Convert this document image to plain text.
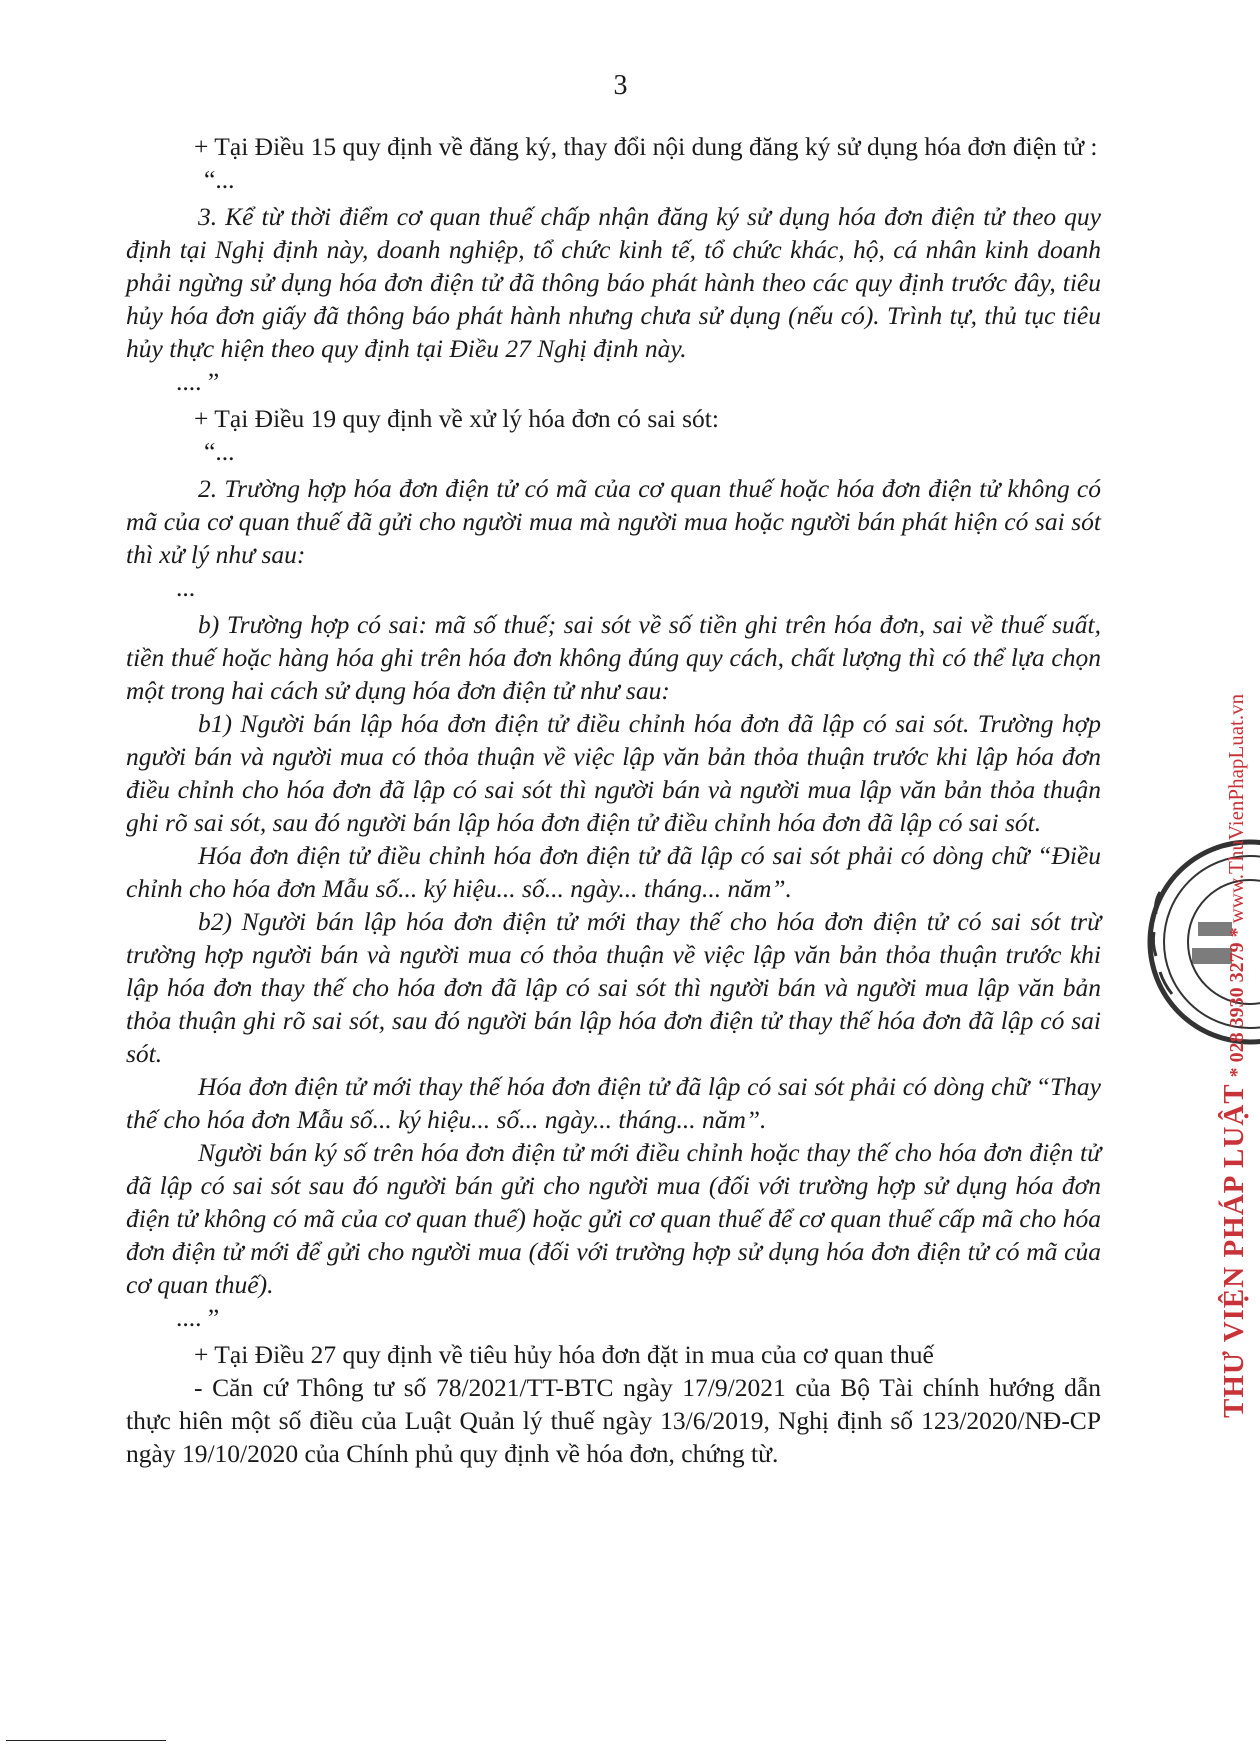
3

+ Tại Điều 15 quy định về đăng ký, thay đổi nội dung đăng ký sử dụng hóa đơn điện tử :

“...

3. Kể từ thời điểm cơ quan thuế chấp nhận đăng ký sử dụng hóa đơn điện tử theo quy định tại Nghị định này, doanh nghiệp, tổ chức kinh tế, tổ chức khác, hộ, cá nhân kinh doanh phải ngừng sử dụng hóa đơn điện tử đã thông báo phát hành theo các quy định trước đây, tiêu hủy hóa đơn giấy đã thông báo phát hành nhưng chưa sử dụng (nếu có). Trình tự, thủ tục tiêu hủy thực hiện theo quy định tại Điều 27 Nghị định này.

.... ”

+ Tại Điều 19 quy định về xử lý hóa đơn có sai sót:

“...

2. Trường hợp hóa đơn điện tử có mã của cơ quan thuế hoặc hóa đơn điện tử không có mã của cơ quan thuế đã gửi cho người mua mà người mua hoặc người bán phát hiện có sai sót thì xử lý như sau:

...

b) Trường hợp có sai: mã số thuế; sai sót về số tiền ghi trên hóa đơn, sai về thuế suất, tiền thuế hoặc hàng hóa ghi trên hóa đơn không đúng quy cách, chất lượng thì có thể lựa chọn một trong hai cách sử dụng hóa đơn điện tử như sau:

b1) Người bán lập hóa đơn điện tử điều chỉnh hóa đơn đã lập có sai sót. Trường hợp người bán và người mua có thỏa thuận về việc lập văn bản thỏa thuận trước khi lập hóa đơn điều chỉnh cho hóa đơn đã lập có sai sót thì người bán và người mua lập văn bản thỏa thuận ghi rõ sai sót, sau đó người bán lập hóa đơn điện tử điều chỉnh hóa đơn đã lập có sai sót.

Hóa đơn điện tử điều chỉnh hóa đơn điện tử đã lập có sai sót phải có dòng chữ “Điều chỉnh cho hóa đơn Mẫu số... ký hiệu... số... ngày... tháng... năm”.

b2) Người bán lập hóa đơn điện tử mới thay thế cho hóa đơn điện tử có sai sót trừ trường hợp người bán và người mua có thỏa thuận về việc lập văn bản thỏa thuận trước khi lập hóa đơn thay thế cho hóa đơn đã lập có sai sót thì người bán và người mua lập văn bản thỏa thuận ghi rõ sai sót, sau đó người bán lập hóa đơn điện tử thay thế hóa đơn đã lập có sai sót.

Hóa đơn điện tử mới thay thế hóa đơn điện tử đã lập có sai sót phải có dòng chữ “Thay thế cho hóa đơn Mẫu số... ký hiệu... số... ngày... tháng... năm”.

Người bán ký số trên hóa đơn điện tử mới điều chỉnh hoặc thay thế cho hóa đơn điện tử đã lập có sai sót sau đó người bán gửi cho người mua (đối với trường hợp sử dụng hóa đơn điện tử không có mã của cơ quan thuế) hoặc gửi cơ quan thuế để cơ quan thuế cấp mã cho hóa đơn điện tử mới để gửi cho người mua (đối với trường hợp sử dụng hóa đơn điện tử có mã của cơ quan thuế).

.... ”

+ Tại Điều 27 quy định về tiêu hủy hóa đơn đặt in mua của cơ quan thuế

- Căn cứ Thông tư số 78/2021/TT-BTC ngày 17/9/2021 của Bộ Tài chính hướng dẫn thực hiên một số điều của Luật Quản lý thuế ngày 13/6/2019, Nghị định số 123/2020/NĐ-CP ngày 19/10/2020 của Chính phủ quy định về hóa đơn, chứng từ.

THƯ VIỆN PHÁP LUẬT* 028 3930 3279 *www.ThuVienPhapLuat.vn
